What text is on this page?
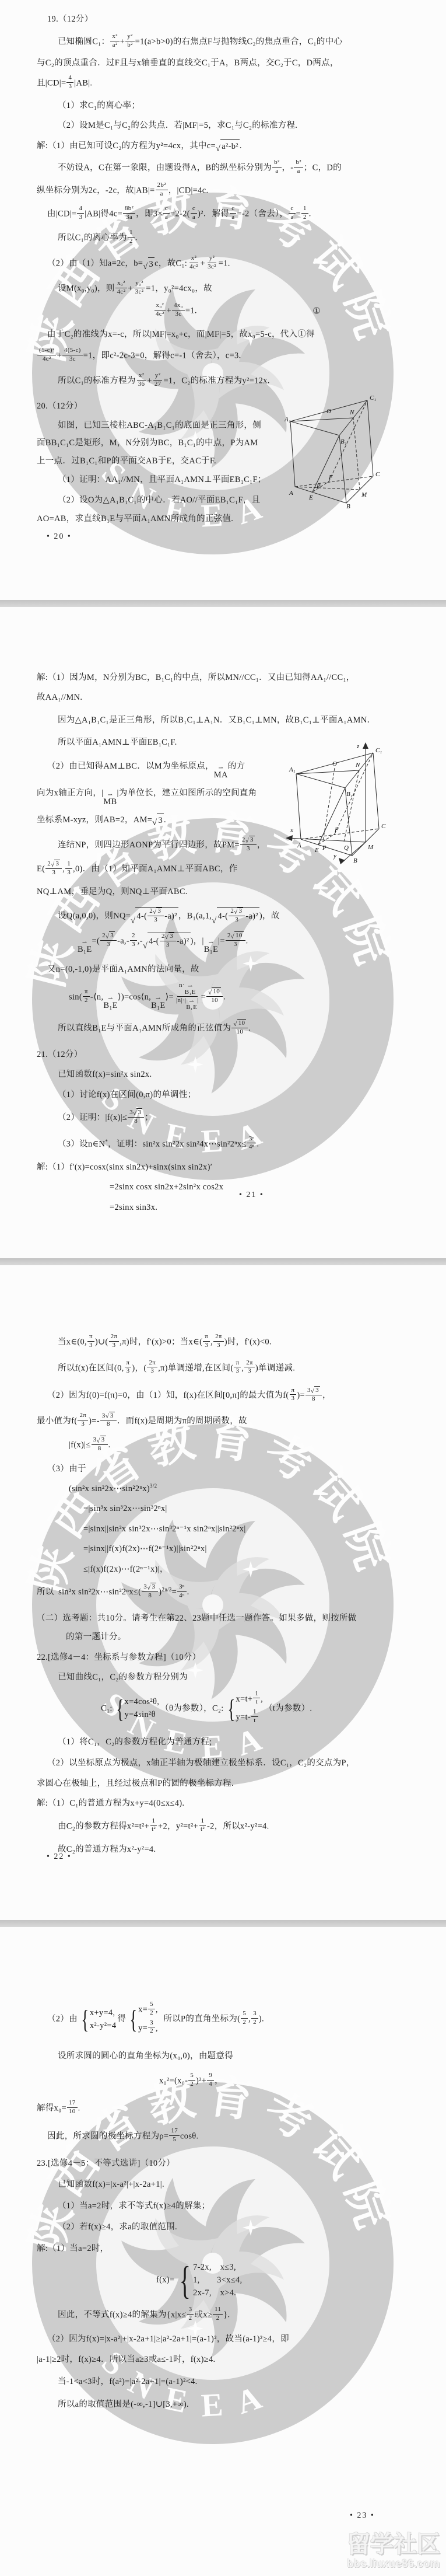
19.（12分）
已知椭圆C₁： $\frac{\text{x²}}{\text{a²}} + \frac{\text{y²}}{\text{b²}} =1(a>b>0)$的右焦点F与抛物线C₂的焦点重合，C₁的中心
与C₂的顶点重合．过F且与x轴垂直的直线交C₁于A，B两点，交C₂于C，D两点，
且$|CD|= \frac{4}{3} |AB|$.
（1）求C₁的离心率；
（2）设M是C₁与C₂的公共点．若|MF|=5，求C₁与C₂的标准方程.
解:（1）由已知可设C₂的方程为y²=4cx，其中c= √ a²-b² .
不妨设A，C在第一象限，由题设得A，B的纵坐标分别为 $\frac{\text{b²}}{a}$ ，- $\frac{\text{b²}}{a}$ ；C，D的
纵坐标分别为2c，-2c，故$|AB|= \frac{\text{2b²}}{a}$ ，|CD|=4c.
由$|CD|= \frac{4}{3} |AB|$得$4c= \frac{\text{8b²}}{3a}$ ，即$3\times \frac{c}{a} =2-2( \frac{c}{a} )^2$．解得 $\frac{c}{a} =-2$（舍去）， $\frac{c}{a} = \frac{1}{2}$ .
所以C₁的离心率为 $\frac{1}{2}$ .
（2）由（1）知a=2c，b= √ 3 c，故C₁: $\frac{\text{x²}}{\text{4c²}} + \frac{\text{y²}}{\text{3c²}} =1$.
设M(x₀,y₀)，则 $\frac{\text{x₀²}}{\text{4c²}} + \frac{\text{y₀²}}{\text{3c²}} =1$，y₀²=4cx₀，故
$\frac{\text{x₀²}}{\text{4c²}} + \frac{\text{4x₀}}{3c} =1$.	①
由于C₂的准线为x=-c，所以|MF|=x₀+c，而|MF|=5，故x₀=5-c，代入①得
$\frac{\text{(5-c)²}}{\text{4c²}} + \frac{4(5-c)}{3c} =1$，即c²-2c-3=0，解得c=-1（舍去），c=3.
所以C₁的标准方程为 $\frac{\text{x²}}{36} + \frac{\text{y²}}{27} =1$，C₂的标准方程为y²=12x.
20.（12分）
如图，已知三棱柱ABC-A₁B₁C₁的底面是正三角形，侧
面BB₁C₁C是矩形，M，N分别为BC，B₁C₁的中点，P为AM
上一点．过B₁C₁和P的平面交AB于E，交AC于F.
（1）证明：AA₁//MN，且平面A₁AMN⊥平面EB₁C₁F；
（2）设O为△A₁B₁C₁的中心．若AO//平面EB₁C₁F，且
AO=AB，求直线B₁E与平面A₁AMN所成角的正弦值.
A₁
O	N
C₁
B₁
A
E
P
F
B
M
C
• 20 •
解:（1）因为M，N分别为BC，B₁C₁的中点，所以MN//CC₁．又由已知得AA₁//CC₁，
故AA₁//MN.
因为△A₁B₁C₁是正三角形，所以B₁C₁⊥A₁N．又B₁C₁⊥MN，故B₁C₁⊥平面A₁AMN．
所以平面A₁AMN⊥平面EB₁C₁F.
（2）由已知得AM⊥BC．以M为坐标原点， ⇀
MA
的方
向为x轴正方向，| ⇀
MB
|为单位长，建立如图所示的空间直角
坐标系M-xyz，则AB=2，AM= √ 3 .
连结NP，则四边形AONP为平行四边形，故$PM= \frac{2 √ 3}{3}$ ，
$E( \frac{2 √ 3}{3}$ , $\frac{1}{3} ,0$)．由（1）知平面A₁AMN⊥平面ABC，作
NQ⊥AM，垂足为Q，则NQ⊥平面ABC.
设Q(a,0,0)，则NQ=
√ $4-( \frac{2 √ 3}{3} -a)^2$ ，B₁(a,1,
√ $4-( \frac{2 √ 3}{3} -a)^2$ )，故
⇀
B₁E
=( $\frac{2 √ 3}{3} -a,- \frac{2}{3}$ ,-
√ $4-( \frac{2 √ 3}{3} -a)^2$ )，| ⇀
B₁E
|= $\frac{2 √ 10}{3}$ .
又n=(0,-1,0)是平面A₁AMN的法向量，故
$\sin( \frac{\pi}{2}$ -⟨n, ⇀
B₁E
⟩)=cos⟨n, ⇀
B₁E
⟩= n· ⇀
B₁E
|n|·| ⇀
B₁E
| = $\frac{√ 10}{10}$ .
所以直线B₁E与平面A₁AMN所成角的正弦值为 $\frac{√ 10}{10}$ .
21.（12分）
已知函数f(x)=sin²x sin2x.
（1）讨论f(x)在区间(0,π)的单调性；
（2）证明：$|f(x)|\le \frac{3 √ 3}{8}$ ；
（3）设n∈N*，证明：sin²x sin²2x sin²4x⋯sin²2ⁿx≤ $\frac{\text{3ⁿ}}{\text{4ⁿ}}$ .
解:（1）f′(x)=cosx(sinx sin2x)+sinx(sinx sin2x)′
=2sinx cosx sin2x+2sin²x cos2x
=2sinx sin3x.
A₁
O	N
C₁
B₁
A
E P
F
Q	M
B
C
x
y
z
• 21 •
当x∈(0, $\frac{\pi}{3}$ )∪( $\frac{2\pi}{3} ,\pi$)时，f′(x)>0；当x∈( $\frac{\pi}{3}$ , $\frac{2\pi}{3}$ )时，f′(x)<0.
所以f(x)在区间(0, $\frac{\pi}{3}$ )，( $\frac{2\pi}{3} ,\pi$)单调递增,在区间( $\frac{\pi}{3}$ , $\frac{2\pi}{3}$ )单调递减.
（2）因为f(0)=f(π)=0，由（1）知，f(x)在区间[0,π]的最大值为$f( \frac{\pi}{3}$ )= $\frac{3 √ 3}{8}$ ，
最小值为$f( \frac{2\pi}{3}$ )=- $\frac{3 √ 3}{8}$ ．而f(x)是周期为π的周期函数，故
$|f(x)|\le \frac{3 √ 3}{8}$ .
（3）由于
(sin²x sin²2x⋯sin²2ⁿx)$^{3/2}$
=|sin³x sin³2x⋯sin³2ⁿx|
=|sinx||sin²x sin³2x⋯sin³2ⁿ⁻¹x sin2ⁿx||sin²2ⁿx|
=|sinx||f(x)f(2x)⋯f(2ⁿ⁻¹x)||sin²2ⁿx|
≤|f(x)f(2x)⋯f(2ⁿ⁻¹x)|，
所以 sin²x sin²2x⋯sin²2ⁿx≤( $\frac{3 √ 3}{8} )^{2n/3}= \frac{\text{3ⁿ}}{\text{4ⁿ}}$ .
（二）选考题：共10分。请考生在第22、23题中任选一题作答。如果多做，则按所做
的第一题计分。
22.[选修4－4：坐标系与参数方程]（10分）
已知曲线C₁，C₂的参数方程分别为
C₁: { x=4cos²θ,
y=4sin²θ
（θ为参数），C₂: { $x=t+ \frac{1}{t}$ ,
$y=t- \frac{1}{t}$
（t为参数）.
（1）将C₁，C₂的参数方程化为普通方程;
（2）以坐标原点为极点，x轴正半轴为极轴建立极坐标系．设C₁，C₂的交点为P，
求圆心在极轴上，且经过极点和P的圆的极坐标方程.
解:（1）C₁的普通方程为x+y=4(0≤x≤4).
由C₂的参数方程得$x^2=t^2+ \frac{1}{\text{t²}} +2$，$y^2=t^2+ \frac{1}{\text{t²}} -2$，所以x²-y²=4.
故C₂的普通方程为x²-y²=4.
• 22 •
（2）由 { x+y=4,
x²-y²=4
得 { $x= \frac{5}{2}$ ,
$y= \frac{3}{2}$ ,
 所以P的直角坐标为( $\frac{5}{2}$ , $\frac{3}{2}$ ).
设所求圆的圆心的直角坐标为(x₀,0)，由题意得
$x_0^2=(x_0- \frac{5}{2} )^2+ \frac{9}{4}$ ，
解得$x_0= \frac{17}{10}$ .
因此，所求圆的极坐标方程为$\rho= \frac{17}{5} \cos\theta$.
23.[选修4－5：不等式选讲]（10分）
已知函数f(x)=|x-a²|+|x-2a+1|.
（1）当a=2时，求不等式f(x)≥4的解集；
（2）若f(x)≥4，求a的取值范围.
解:（1）当a=2时，
f(x)= { 7-2x, x≤3,
1,  3<x≤4,
2x-7, x>4.
因此，不等式f(x)≥4的解集为{$x|x\le \frac{3}{2}$ 或$x\ge \frac{11}{2}$ }.
（2）因为f(x)=|x-a²|+|x-2a+1|≥|a²-2a+1|=(a-1)²，故当(a-1)²≥4，即
|a-1|≥2时，f(x)≥4．所以当a≥3或a≤-1时，f(x)≥4.
当-1<a<3时，f(a²)=|a²-2a+1|=(a-1)²<4.
所以a的取值范围是(-∞,-1]∪[3,+∞).
留学社区
bbs.liuxue86.com
• 23 •
